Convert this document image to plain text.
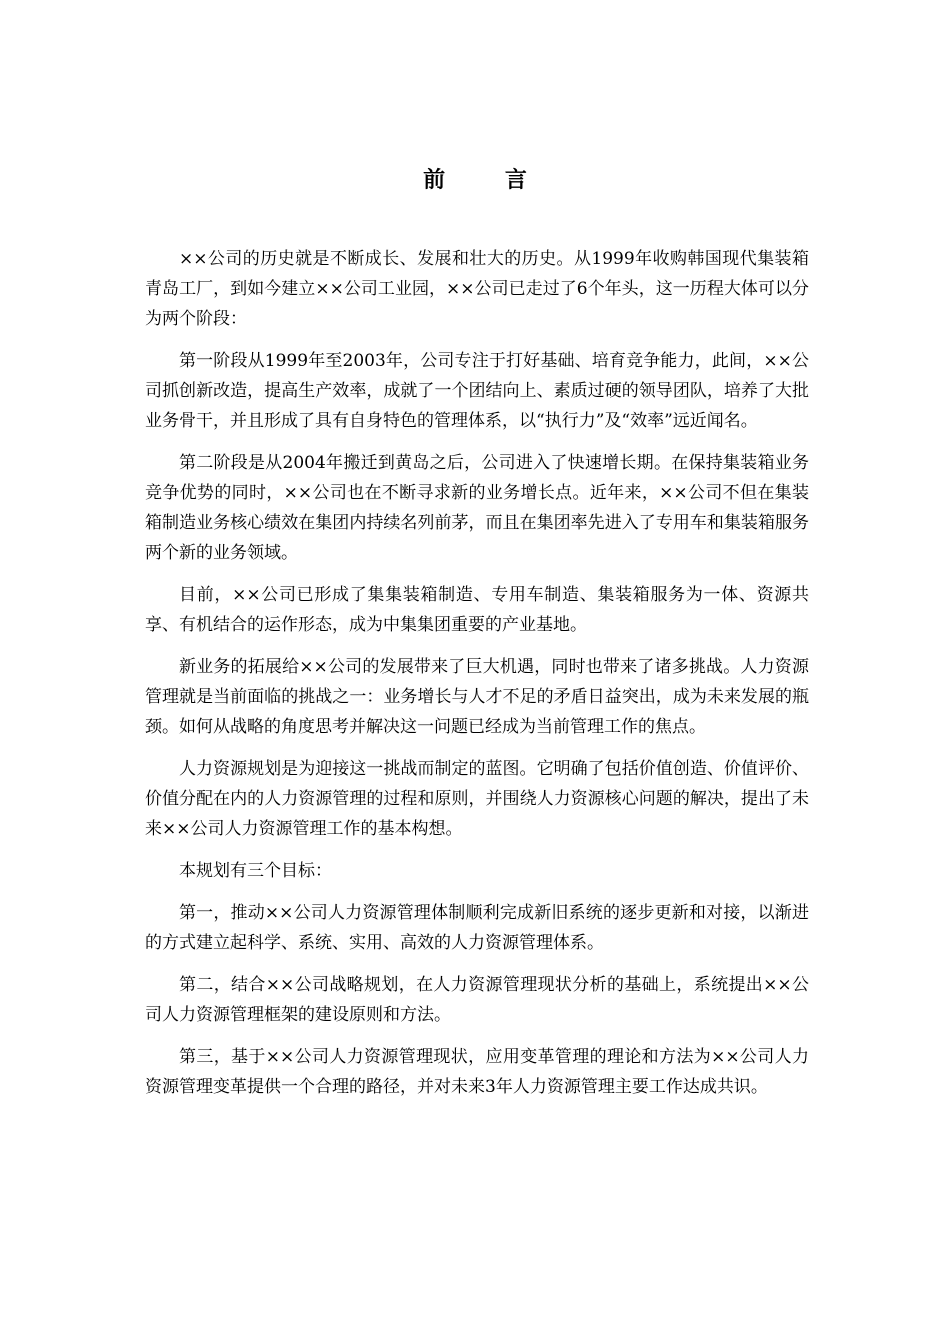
前 言

××公司的历史就是不断成长、发展和壮大的历史。从1999年收购韩国现代集装箱青岛工厂，到如今建立××公司工业园，××公司已走过了6个年头，这一历程大体可以分为两个阶段：

第一阶段从1999年至2003年，公司专注于打好基础、培育竞争能力，此间，××公司抓创新改造，提高生产效率，成就了一个团结向上、素质过硬的领导团队，培养了大批业务骨干，并且形成了具有自身特色的管理体系，以“执行力”及“效率”远近闻名。

第二阶段是从2004年搬迁到黄岛之后，公司进入了快速增长期。在保持集装箱业务竞争优势的同时，××公司也在不断寻求新的业务增长点。近年来，××公司不但在集装箱制造业务核心绩效在集团内持续名列前茅，而且在集团率先进入了专用车和集装箱服务两个新的业务领域。

目前，××公司已形成了集集装箱制造、专用车制造、集装箱服务为一体、资源共享、有机结合的运作形态，成为中集集团重要的产业基地。

新业务的拓展给××公司的发展带来了巨大机遇，同时也带来了诸多挑战。人力资源管理就是当前面临的挑战之一：业务增长与人才不足的矛盾日益突出，成为未来发展的瓶颈。如何从战略的角度思考并解决这一问题已经成为当前管理工作的焦点。

人力资源规划是为迎接这一挑战而制定的蓝图。它明确了包括价值创造、价值评价、价值分配在内的人力资源管理的过程和原则，并围绕人力资源核心问题的解决，提出了未来××公司人力资源管理工作的基本构想。

本规划有三个目标：

第一，推动××公司人力资源管理体制顺利完成新旧系统的逐步更新和对接，以渐进的方式建立起科学、系统、实用、高效的人力资源管理体系。

第二，结合××公司战略规划，在人力资源管理现状分析的基础上，系统提出××公司人力资源管理框架的建设原则和方法。

第三，基于××公司人力资源管理现状，应用变革管理的理论和方法为××公司人力资源管理变革提供一个合理的路径，并对未来3年人力资源管理主要工作达成共识。
